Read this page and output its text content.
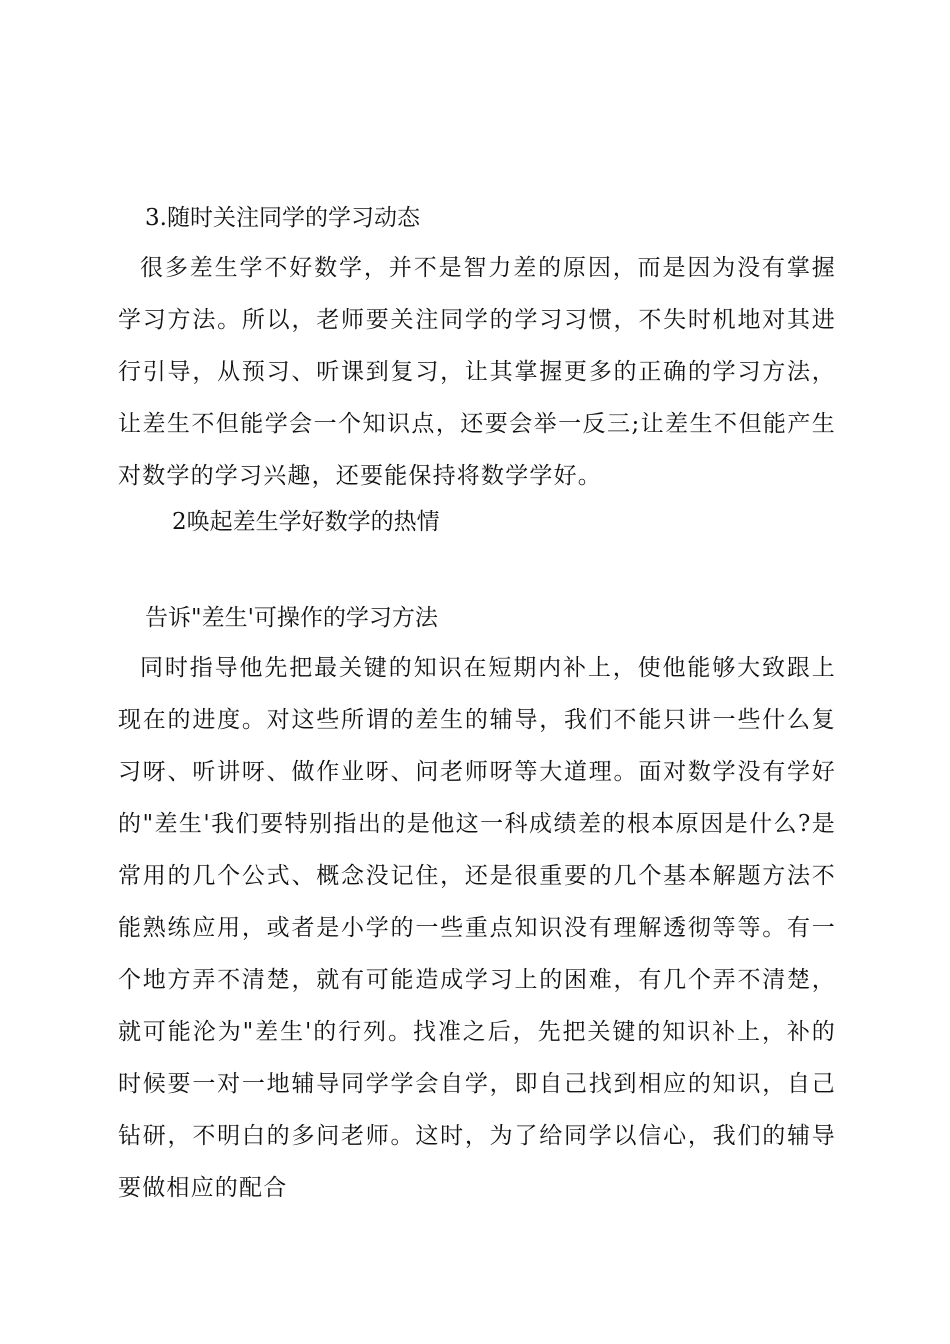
3.随时关注同学的学习动态
很多差生学不好数学，并不是智力差的原因，而是因为没有掌握学习方法。所以，老师要关注同学的学习习惯，不失时机地对其进行引导，从预习、听课到复习，让其掌握更多的正确的学习方法，让差生不但能学会一个知识点，还要会举一反三;让差生不但能产生对数学的学习兴趣，还要能保持将数学学好。
2唤起差生学好数学的热情
告诉"差生'可操作的学习方法
同时指导他先把最关键的知识在短期内补上，使他能够大致跟上现在的进度。对这些所谓的差生的辅导，我们不能只讲一些什么复习呀、听讲呀、做作业呀、问老师呀等大道理。面对数学没有学好的"差生'我们要特别指出的是他这一科成绩差的根本原因是什么?是常用的几个公式、概念没记住，还是很重要的几个基本解题方法不能熟练应用，或者是小学的一些重点知识没有理解透彻等等。有一个地方弄不清楚，就有可能造成学习上的困难，有几个弄不清楚，就可能沦为"差生'的行列。找准之后，先把关键的知识补上，补的时候要一对一地辅导同学学会自学，即自己找到相应的知识，自己钻研，不明白的多问老师。这时，为了给同学以信心，我们的辅导要做相应的配合
